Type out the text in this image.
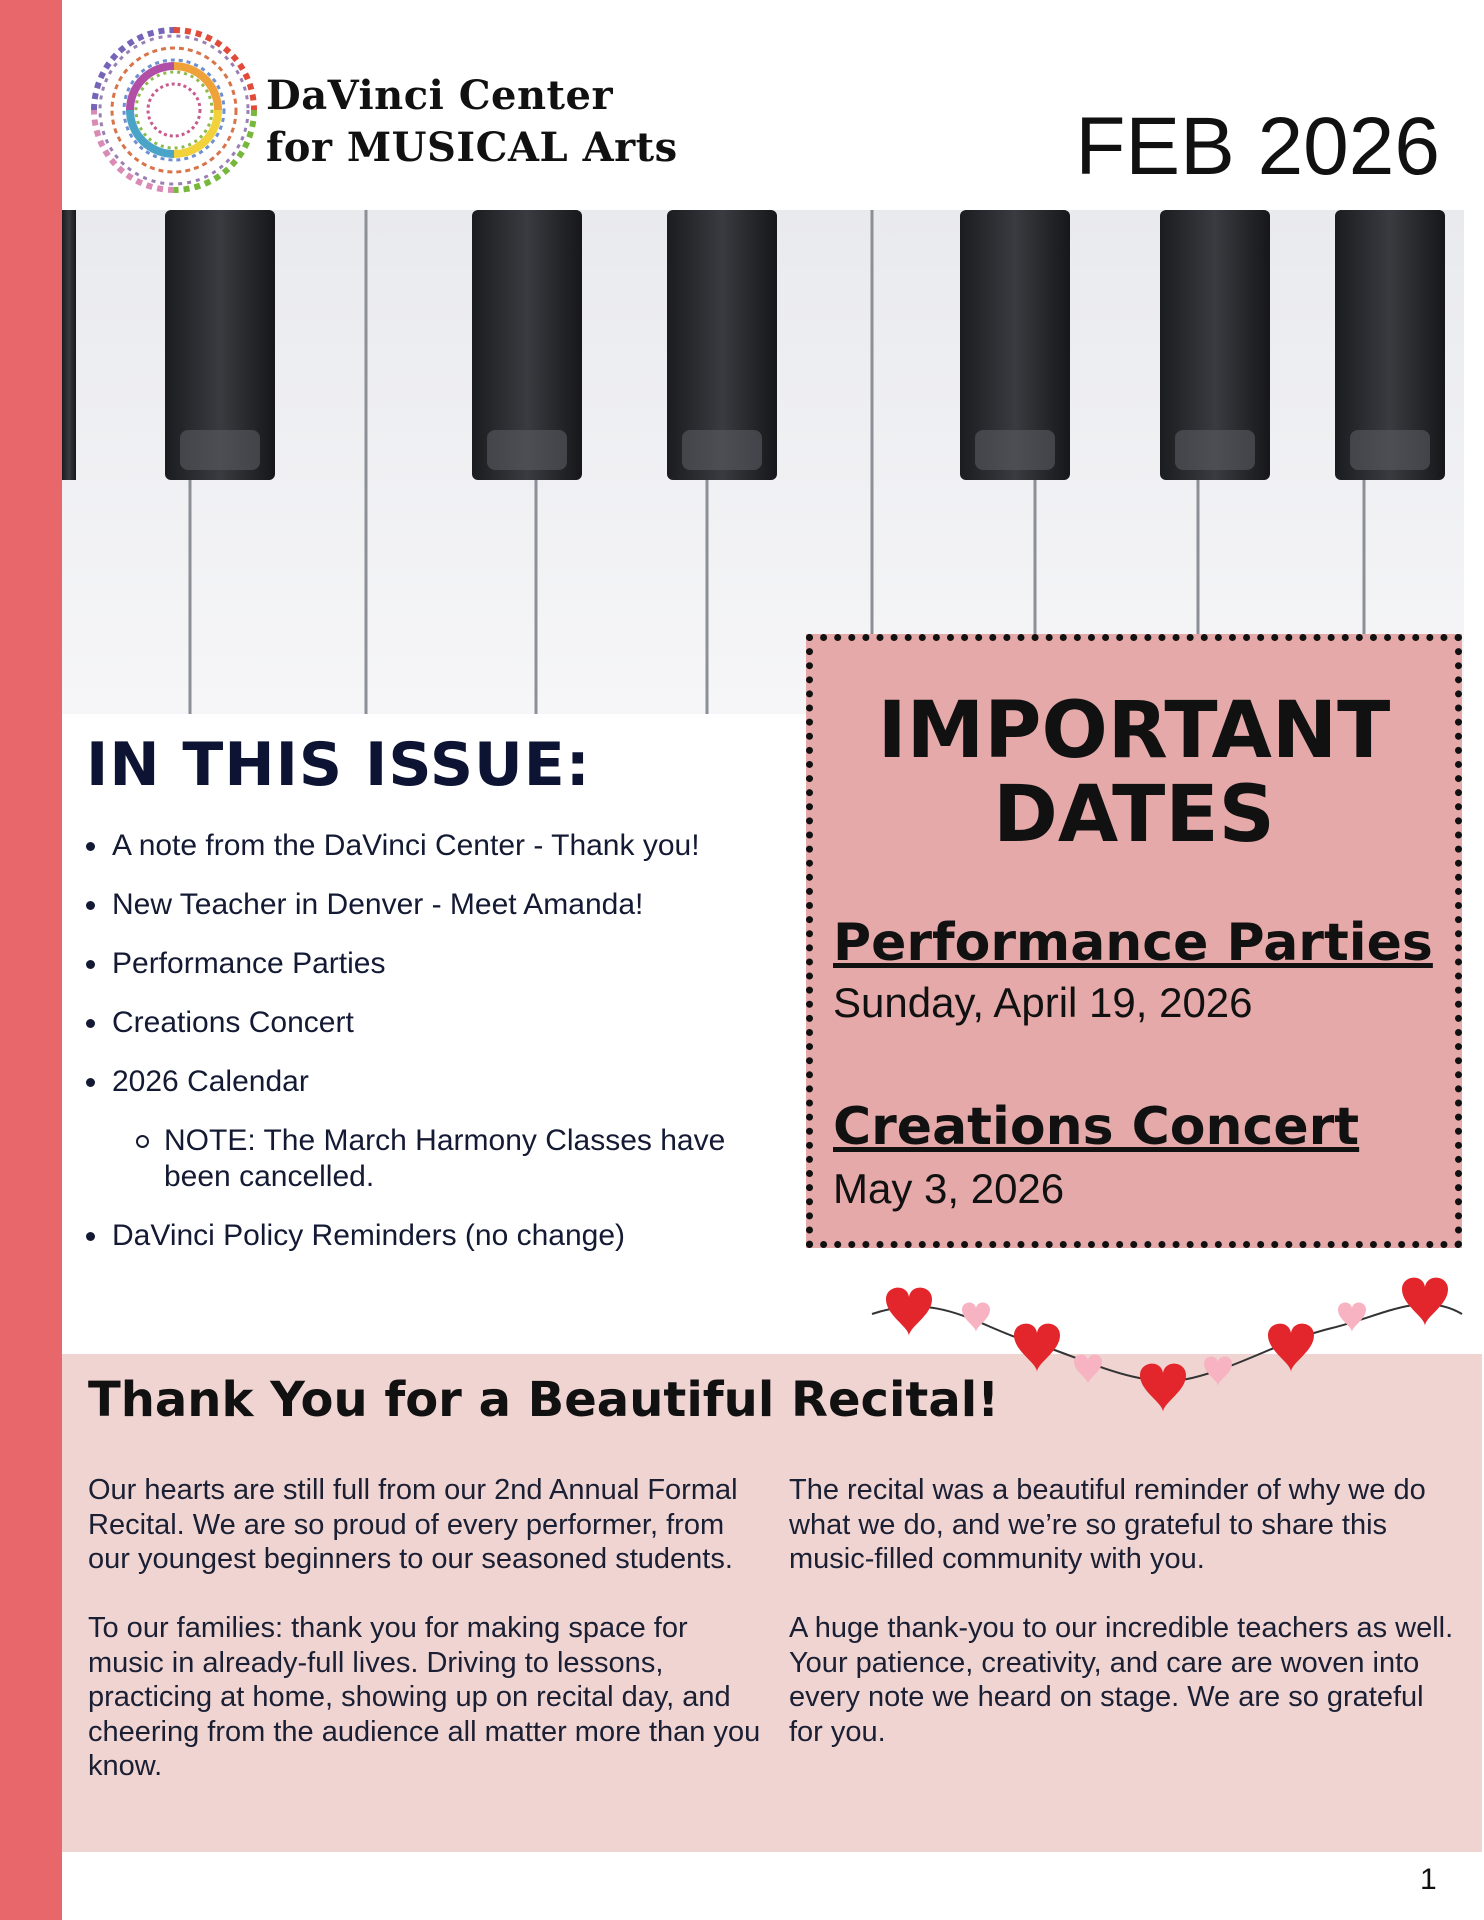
DaVinci Center
for MUSICAL Arts	FEB 2026
IN THIS ISSUE:
A note from the DaVinci Center - Thank you!
New Teacher in Denver - Meet Amanda!
Performance Parties
Creations Concert
2026 Calendar
NOTE: The March Harmony Classes have been cancelled.
DaVinci Policy Reminders (no change)
IMPORTANT
DATES
Performance Parties
Sunday, April 19, 2026
Creations Concert
May 3, 2026
Thank You for a Beautiful Recital!

Our hearts are still full from our 2nd Annual Formal Recital. We are so proud of every performer, from our youngest beginners to our seasoned students.

To our families: thank you for making space for music in already-full lives. Driving to lessons, practicing at home, showing up on recital day, and cheering from the audience all matter more than you know.

The recital was a beautiful reminder of why we do what we do, and we’re so grateful to share this music-filled community with you.

A huge thank-you to our incredible teachers as well. Your patience, creativity, and care are woven into every note we heard on stage. We are so grateful for you.

1
